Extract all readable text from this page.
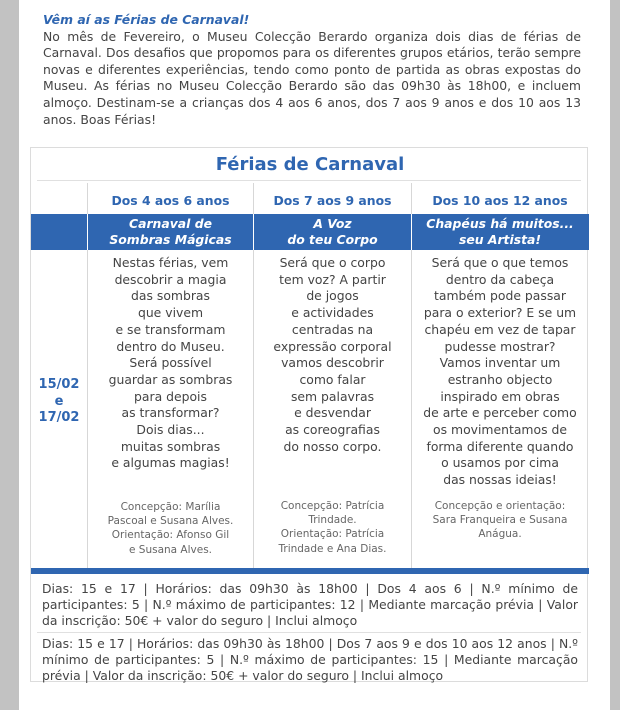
Vêm aí as Férias de Carnaval!

No mês de Fevereiro, o Museu Colecção Berardo organiza dois dias de férias de Carnaval. Dos desafios que propomos para os diferentes grupos etários, terão sempre novas e diferentes experiências, tendo como ponto de partida as obras expostas do Museu. As férias no Museu Colecção Berardo são das 09h30 às 18h00, e incluem almoço. Destinam-se a crianças dos 4 aos 6 anos, dos 7 aos 9 anos e dos 10 aos 13 anos. Boas Férias!

Férias de Carnaval
Dos 4 aos 6 anos	Dos 7 aos 9 anos	Dos 10 aos 12 anos
Carnaval de
Sombras Mágicas
A Voz
do teu Corpo
Chapéus há muitos...
seu Artista!
15/02
e
17/02
Nestas férias, vem
descobrir a magia
das sombras
que vivem
e se transformam
dentro do Museu.
Será possível
guardar as sombras
para depois
as transformar?
Dois dias...
muitas sombras
e algumas magias!
Será que o corpo
tem voz? A partir
de jogos
e actividades
centradas na
expressão corporal
vamos descobrir
como falar
sem palavras
e desvendar
as coreografias
do nosso corpo.
Será que o que temos
dentro da cabeça
também pode passar
para o exterior? E se um
chapéu em vez de tapar
pudesse mostrar?
Vamos inventar um
estranho objecto
inspirado em obras
de arte e perceber como
os movimentamos de
forma diferente quando
o usamos por cima
das nossas ideias!
Concepção: Marília
Pascoal e Susana Alves.
Orientação: Afonso Gil
e Susana Alves.
Concepção: Patrícia
Trindade.
Orientação: Patrícia
Trindade e Ana Dias.
Concepção e orientação:
Sara Franqueira e Susana
Anágua.
Dias: 15 e 17 | Horários: das 09h30 às 18h00 | Dos 4 aos 6 | N.º mínimo de participantes: 5 | N.º máximo de participantes: 12 | Mediante marcação prévia | Valor da inscrição: 50€ + valor do seguro | Inclui almoço
Dias: 15 e 17 | Horários: das 09h30 às 18h00 | Dos 7 aos 9 e dos 10 aos 12 anos | N.º mínimo de participantes: 5 | N.º máximo de participantes: 15 | Mediante marcação prévia | Valor da inscrição: 50€ + valor do seguro | Inclui almoço
